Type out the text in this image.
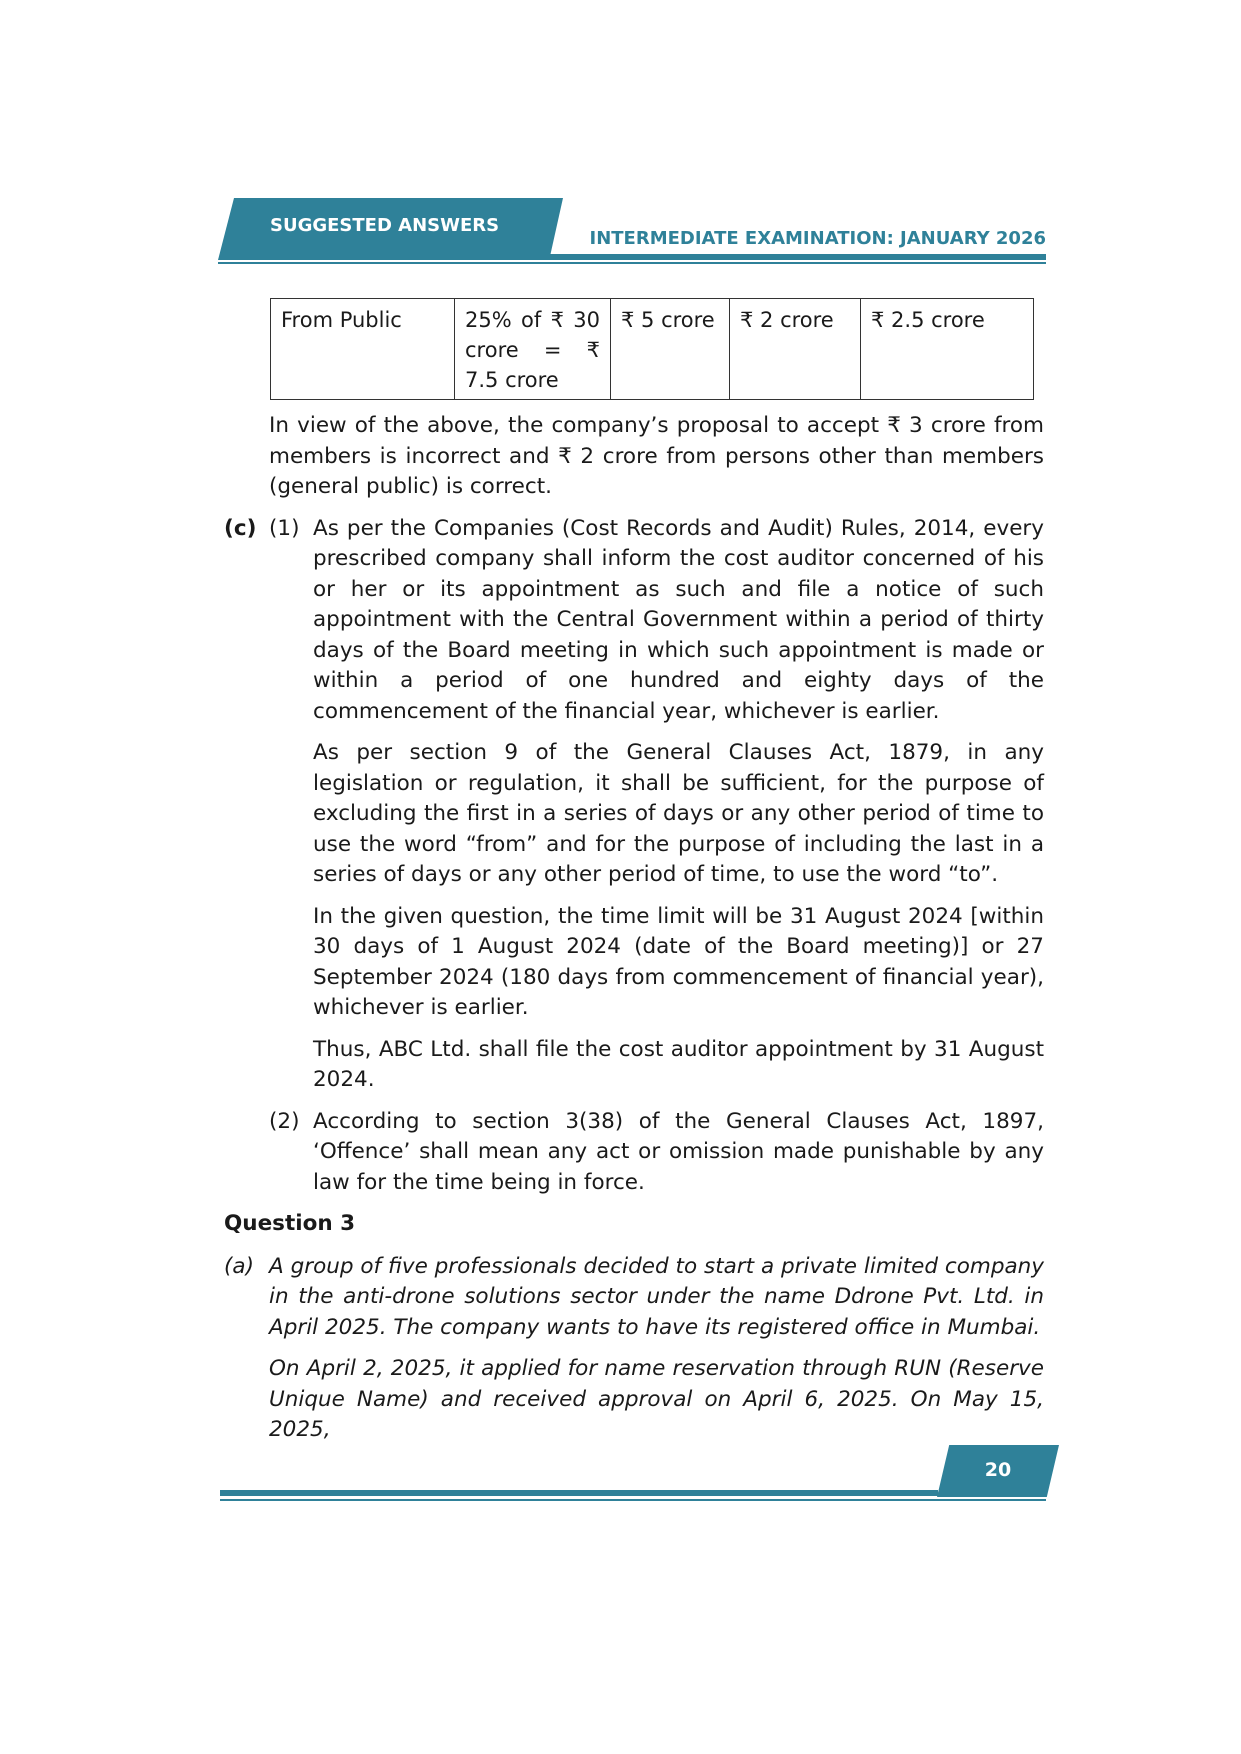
SUGGESTED ANSWERS
INTERMEDIATE EXAMINATION: JANUARY 2026
From Public	25% of ₹ 30 crore = ₹ 7.5 crore	₹ 5 crore	₹ 2 crore	₹ 2.5 crore

In view of the above, the company’s proposal to accept ₹ 3 crore from members is incorrect and ₹ 2 crore from persons other than members (general public) is correct.

(c) (1) As per the Companies (Cost Records and Audit) Rules, 2014, every prescribed company shall inform the cost auditor concerned of his or her or its appointment as such and file a notice of such appointment with the Central Government within a period of thirty days of the Board meeting in which such appointment is made or within a period of one hundred and eighty days of the commencement of the financial year, whichever is earlier.

As per section 9 of the General Clauses Act, 1879, in any legislation or regulation, it shall be sufficient, for the purpose of excluding the first in a series of days or any other period of time to use the word “from” and for the purpose of including the last in a series of days or any other period of time, to use the word “to”.

In the given question, the time limit will be 31 August 2024 [within 30 days of 1 August 2024 (date of the Board meeting)] or 27 September 2024 (180 days from commencement of financial year), whichever is earlier.

Thus, ABC Ltd. shall file the cost auditor appointment by 31 August 2024.

(2) According to section 3(38) of the General Clauses Act, 1897, ‘Offence’ shall mean any act or omission made punishable by any law for the time being in force.

Question 3

(a) A group of five professionals decided to start a private limited company in the anti-drone solutions sector under the name Ddrone Pvt. Ltd. in April 2025. The company wants to have its registered office in Mumbai.

On April 2, 2025, it applied for name reservation through RUN (Reserve Unique Name) and received approval on April 6, 2025. On May 15, 2025,

20
